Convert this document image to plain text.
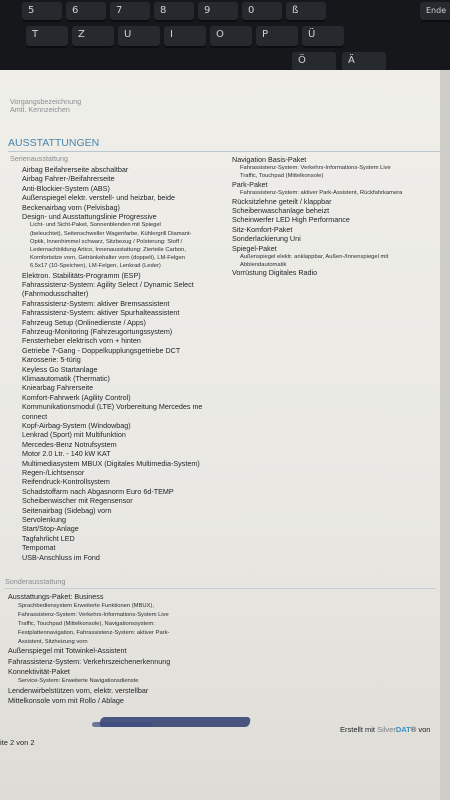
5	6	7	8	9	0	ß
T	Z	U	I	O	P	Ü
Ö	Ä
Ende
Vorgangsbezeichnung
Amtl. Kennzeichen
AUSSTATTUNGEN
Serienausstattung
Airbag Beifahrerseite abschaltbar
Airbag Fahrer-/Beifahrerseite
Anti-Blockier-System (ABS)
Außenspiegel elektr. verstell- und heizbar, beide
Beckenairbag vorn (Pelvisbag)
Design- und Ausstattungslinie Progressive
Licht- und Sicht-Paket, Sonnenblenden mit Spiegel
(beleuchtet), Seitenschweller Wagenfarbe, Kühlergrill Diamant-
Optik, Innenhimmel schwarz, Sitzbezug / Polsterung: Stoff /
Ledernachbildung Artico, Innenausstattung: Zierteile Carbon,
Komfortsitze vorn, Getränkehalter vorn (doppelt), LM-Felgen
6,5x17 (10-Speichen), LM-Felgen, Lenkrad (Leder)
Elektron. Stabilitäts-Programm (ESP)
Fahrassistenz-System: Agility Select / Dynamic Select
(Fahrmodusschalter)
Fahrassistenz-System: aktiver Bremsassistent
Fahrassistenz-System: aktiver Spurhalteassistent
Fahrzeug Setup (Onlinedienste / Apps)
Fahrzeug-Monitoring (Fahrzeugortungssystem)
Fensterheber elektrisch vorn + hinten
Getriebe 7-Gang - Doppelkupplungsgetriebe DCT
Karosserie: 5-türig
Keyless Go Startanlage
Klimaautomatik (Thermatic)
Kniearbag Fahrerseite
Komfort-Fahrwerk (Agility Control)
Kommunikationsmodul (LTE) Vorbereitung Mercedes me
connect
Kopf-Airbag-System (Windowbag)
Lenkrad (Sport) mit Multifunktion
Mercedes-Benz Notrufsystem
Motor 2.0 Ltr. - 140 kW KAT
Multimediasystem MBUX (Digitales Multimedia-System)
Regen-/Lichtsensor
Reifendruck-Kontrollsystem
Schadstoffarm nach Abgasnorm Euro 6d-TEMP
Scheibenwischer mit Regensensor
Seitenairbag (Sidebag) vorn
Servolenkung
Start/Stop-Anlage
Tagfahrlicht LED
Tempomat
USB-Anschluss im Fond
Navigation Basis-Paket
Fahrassistenz-System: Verkehrs-Informations-System Live
Traffic, Touchpad (Mittelkonsole)
Park-Paket
Fahrassistenz-System: aktiver Park-Assistent, Rückfahrkamera
Rücksitzlehne geteilt / klappbar
Scheibenwaschanlage beheizt
Scheinwerfer LED High Performance
Sitz-Komfort-Paket
Sonderlackierung Uni
Spiegel-Paket
Außenspiegel elektr. anklappbar, Außen-/Innenspiegel mit
Abblendautomatik
Vorrüstung Digitales Radio
Sonderausstattung
Ausstattungs-Paket: Business
Sprachbediensystem Erweiterte Funktionen (MBUX),
Fahrassistenz-System: Verkehrs-Informations-System Live
Traffic, Touchpad (Mittelkonsole), Navigationssystem:
Festplattennavigation, Fahrassistenz-System: aktiver Park-
Assistent, Sitzheizung vorn
Außenspiegel mit Totwinkel-Assistent
Fahrassistenz-System: Verkehrszeichenerkennung
Konnektivität-Paket
Service-System: Erweiterte Navigationsdienste
Lendenwirbelstützen vorn, elektr. verstellbar
Mittelkonsole vorn mit Rollo / Ablage
ite 2 von 2
Erstellt mit SilverDAT® von
